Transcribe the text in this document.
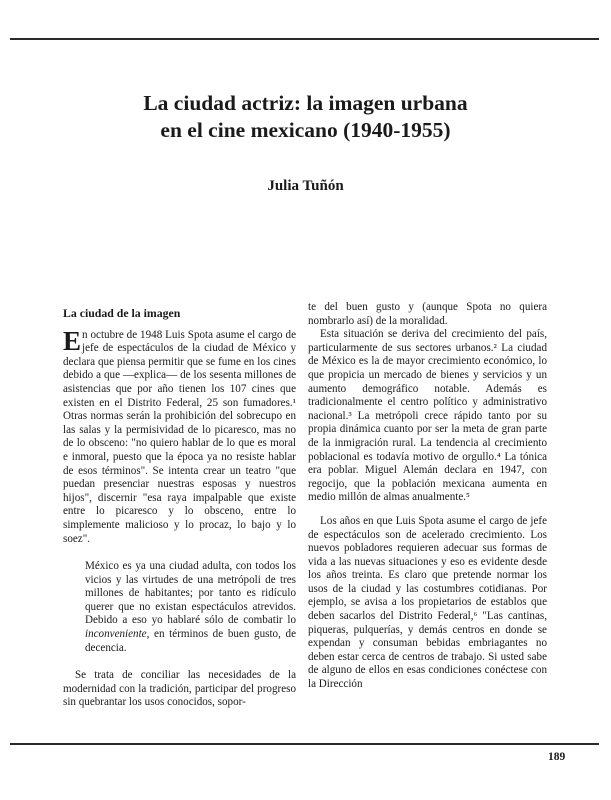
La ciudad actriz: la imagen urbana
en el cine mexicano (1940-1955)

Julia Tuñón

La ciudad de la imagen

En octubre de 1948 Luis Spota asume el cargo de jefe de espectáculos de la ciudad de México y declara que piensa permitir que se fume en los cines debido a que —explica— de los sesenta millones de asistencias que por año tienen los 107 cines que existen en el Distrito Federal, 25 son fumadores.¹ Otras normas serán la prohibición del sobrecupo en las salas y la permisividad de lo picaresco, mas no de lo obsceno: "no quiero hablar de lo que es moral e inmoral, puesto que la época ya no resiste hablar de esos términos". Se intenta crear un teatro "que puedan presenciar nuestras esposas y nuestros hijos", discernir "esa raya impalpable que existe entre lo picaresco y lo obsceno, entre lo simplemente malicioso y lo procaz, lo bajo y lo soez".

México es ya una ciudad adulta, con todos los vicios y las virtudes de una metrópoli de tres millones de habitantes; por tanto es ridículo querer que no existan espectáculos atrevidos. Debido a eso yo hablaré sólo de combatir lo inconveniente, en términos de buen gusto, de decencia.

Se trata de conciliar las necesidades de la modernidad con la tradición, participar del progreso sin quebrantar los usos conocidos, sopor-

te del buen gusto y (aunque Spota no quiera nombrarlo así) de la moralidad.

Esta situación se deriva del crecimiento del país, particularmente de sus sectores urbanos.² La ciudad de México es la de mayor crecimiento económico, lo que propicia un mercado de bienes y servicios y un aumento demográfico notable. Además es tradicionalmente el centro político y administrativo nacional.³ La metrópoli crece rápido tanto por su propia dinámica cuanto por ser la meta de gran parte de la inmigración rural. La tendencia al crecimiento poblacional es todavía motivo de orgullo.⁴ La tónica era poblar. Miguel Alemán declara en 1947, con regocijo, que la población mexicana aumenta en medio millón de almas anualmente.⁵

Los años en que Luis Spota asume el cargo de jefe de espectáculos son de acelerado crecimiento. Los nuevos pobladores requieren adecuar sus formas de vida a las nuevas situaciones y eso es evidente desde los años treinta. Es claro que pretende normar los usos de la ciudad y las costumbres cotidianas. Por ejemplo, se avisa a los propietarios de establos que deben sacarlos del Distrito Federal,⁶ "Las cantinas, piqueras, pulquerías, y demás centros en donde se expendan y consuman bebidas embriagantes no deben estar cerca de centros de trabajo. Si usted sabe de alguno de ellos en esas condiciones conéctese con la Dirección

189
